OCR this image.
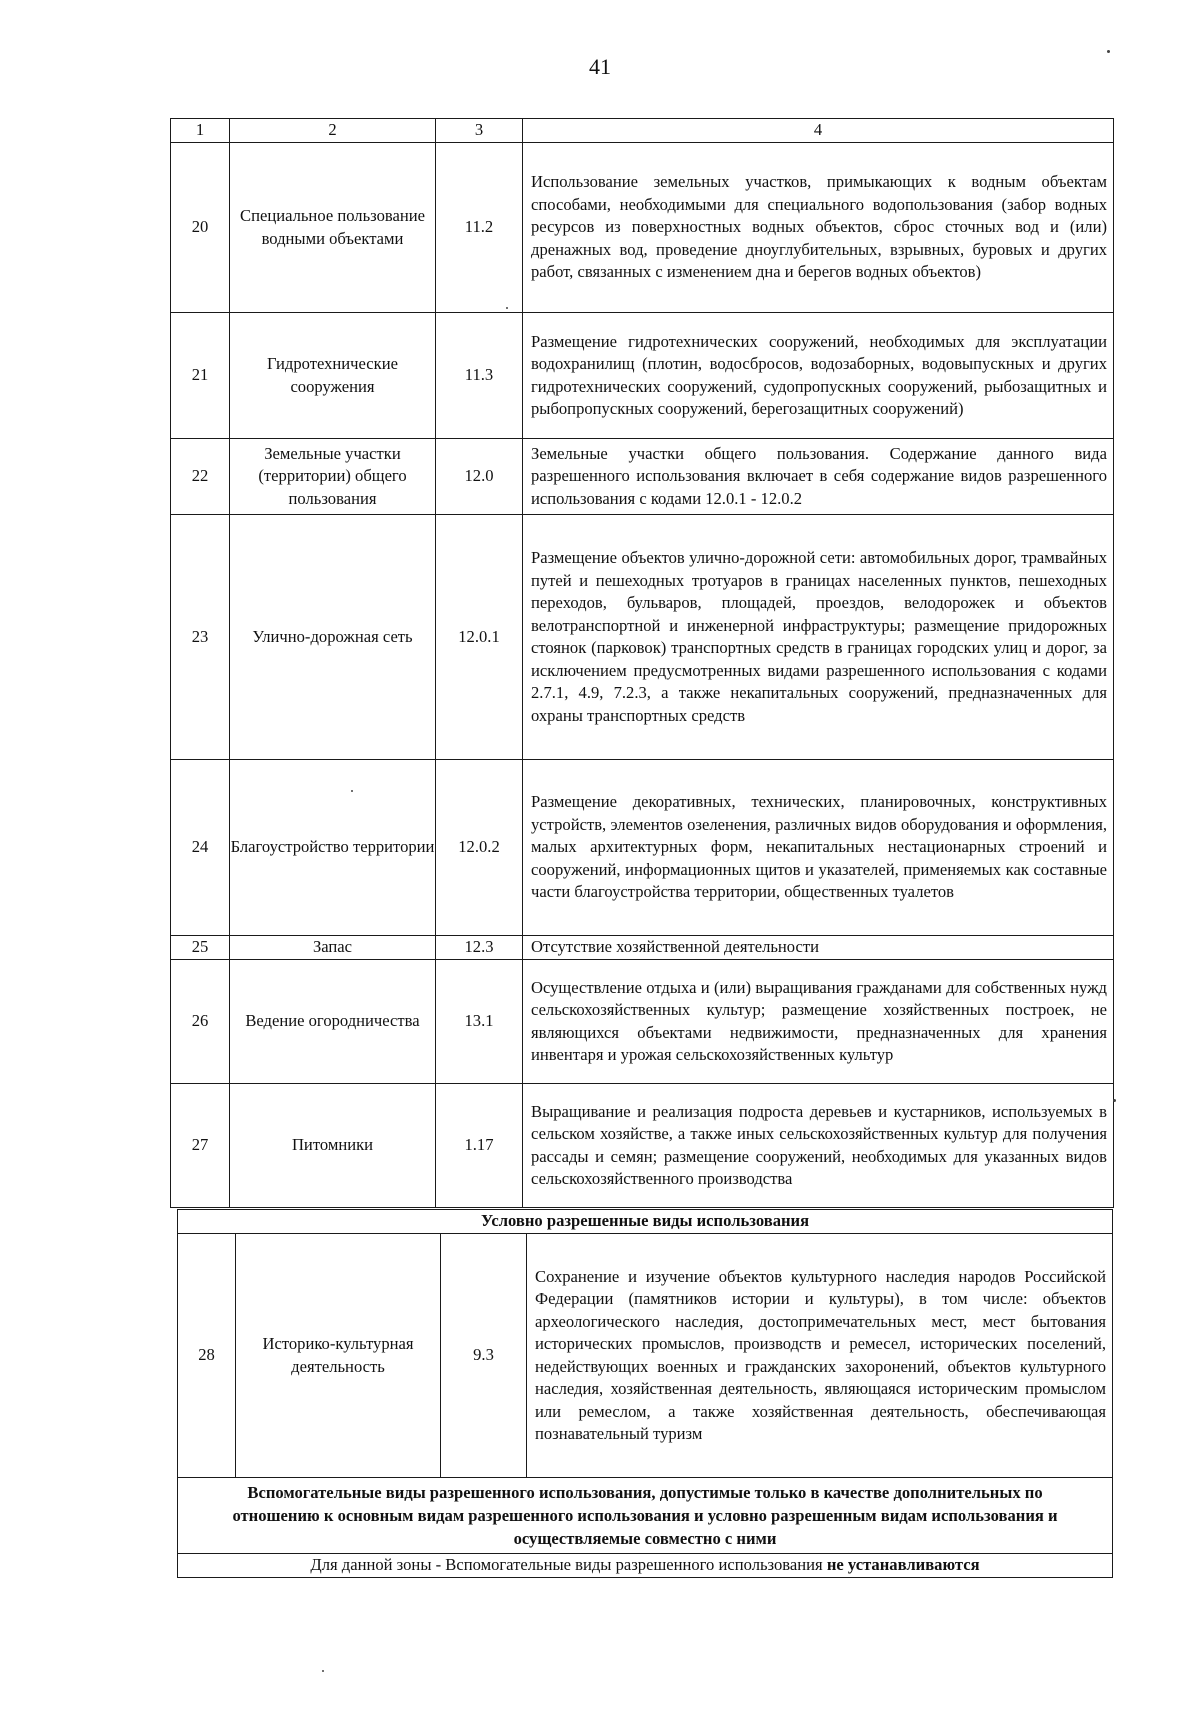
41
1	2	3	4
20	Специальное пользование водными объектами	11.2	Использование земельных участков, примыкающих к водным объектам способами, необходимыми для специального водопользования (забор водных ресурсов из поверхностных водных объектов, сброс сточных вод и (или) дренажных вод, проведение дноуглубительных, взрывных, буровых и других работ, связанных с изменением дна и берегов водных объектов)
21	Гидротехнические сооружения	11.3	Размещение гидротехнических сооружений, необходимых для эксплуатации водохранилищ (плотин, водосбросов, водозаборных, водовыпускных и других гидротехнических сооружений, судопропускных сооружений, рыбозащитных и рыбопропускных сооружений, берегозащитных сооружений)
22	Земельные участки (территории) общего пользования	12.0	Земельные участки общего пользования. Содержание данного вида разрешенного использования включает в себя содержание видов разрешенного использования с кодами 12.0.1 - 12.0.2
23	Улично-дорожная сеть	12.0.1	Размещение объектов улично-дорожной сети: автомобильных дорог, трамвайных путей и пешеходных тротуаров в границах населенных пунктов, пешеходных переходов, бульваров, площадей, проездов, велодорожек и объектов велотранспортной и инженерной инфраструктуры; размещение придорожных стоянок (парковок) транспортных средств в границах городских улиц и дорог, за исключением предусмотренных видами разрешенного использования с кодами 2.7.1, 4.9, 7.2.3, а также некапитальных сооружений, предназначенных для охраны транспортных средств
24	Благоустройство территории	12.0.2	Размещение декоративных, технических, планировочных, конструктивных устройств, элементов озеленения, различных видов оборудования и оформления, малых архитектурных форм, некапитальных нестационарных строений и сооружений, информационных щитов и указателей, применяемых как составные части благоустройства территории, общественных туалетов
25	Запас	12.3	Отсутствие хозяйственной деятельности
26	Ведение огородничества	13.1	Осуществление отдыха и (или) выращивания гражданами для собственных нужд сельскохозяйственных культур; размещение хозяйственных построек, не являющихся объектами недвижимости, предназначенных для хранения инвентаря и урожая сельскохозяйственных культур
27	Питомники	1.17	Выращивание и реализация подроста деревьев и кустарников, используемых в сельском хозяйстве, а также иных сельскохозяйственных культур для получения рассады и семян; размещение сооружений, необходимых для указанных видов сельскохозяйственного производства
Условно разрешенные виды использования
28	Историко-культурная деятельность	9.3	Сохранение и изучение объектов культурного наследия народов Российской Федерации (памятников истории и культуры), в том числе: объектов археологического наследия, достопримечательных мест, мест бытования исторических промыслов, производств и ремесел, исторических поселений, недействующих военных и гражданских захоронений, объектов культурного наследия, хозяйственная деятельность, являющаяся историческим промыслом или ремеслом, а также хозяйственная деятельность, обеспечивающая познавательный туризм
Вспомогательные виды разрешенного использования, допустимые только в качестве дополнительных по отношению к основным видам разрешенного использования и условно разрешенным видам использования и осуществляемые совместно с ними
Для данной зоны - Вспомогательные виды разрешенного использования не устанавливаются
